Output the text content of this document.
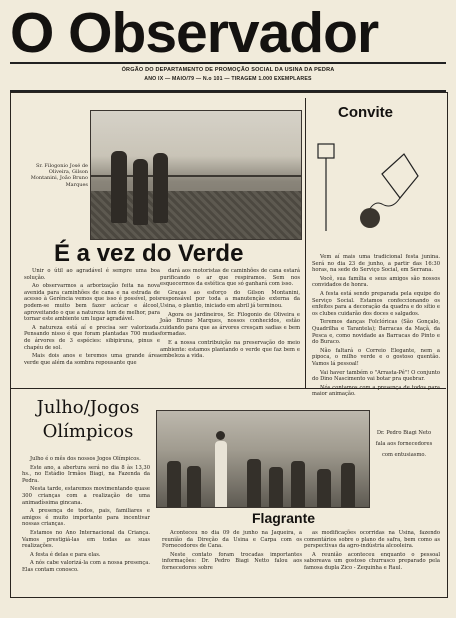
O Observador
ÓRGÃO DO DEPARTAMENTO DE PROMOÇÃO SOCIAL DA USINA DA PEDRA
ANO IX — MAIO/79 — N.o 101 — TIRAGEM 1.000 EXEMPLARES
Sr. Filogonio José de Oliveira, Gilson Montanini, João Bruno Marques
É a vez do Verde

Unir o útil ao agradável é sempre uma boa solução.

Ao observarmos a arborização feita na nova avenida para caminhões de cana e na estrada de acesso à Gerência vemos que isso é possível, pois podem-se muito bem fazer acúcar e álcool, aproveitando o que a natureza tem de melhor, para tornar este ambiente um lugar agradável.

A natureza está aí e precisa ser valorizada. Pensando nisso é que foram plantadas 700 mudas de árvores de 3 espécies: sibipiruna, pinus e chapéu de sol.

Mais dois anos e teremos uma grande área verde que além da sombra repousante que

dará aos motoristas de caminhões de cana estará purificando o ar que respiramos. Sem nos esquecermos da estética que só ganhará com isso.

Graças ao esforço do Gilson Montanini, responsável por toda a manutenção externa da Usina, o plantio, iniciado em abril já terminou.

Agora os jardineiros, Sr. Filogonio de Oliveira e João Bruno Marques, nossos conhecidos, estão cuidando para que as árvores cresçam sadias e bem formadas.

E a nossa contribuição na preservação do meio ambiente: estamos plantando o verde que faz bem e embeleza a vida.

Convite

Vem aí mais uma tradicional festa junina. Será no dia 23 de junho, a partir das 16:30 horas, na sede do Serviço Social, em Serrana.

Você, sua família e seus amigos são nossos convidados de honra.

A festa está sendo preparada pela equipe do Serviço Social. Estamos confeccionando os enfeites para a decoração da quadra e do sítio e os clubes cuidarão dos doces e salgados.

Teremos danças Folclóricas (São Gonçalo, Quadrilha e Tarantela); Barracas da Maçã, da Pesca e, como novidade as Barracas do Pinto e do Buraco.

Não faltará o Correio Elegante, nem a pipoca, o milho verde e o gostoso quentão. Vamos lá pessoal!

Vai haver também o "Arrasta-Pé"! O conjunto do Dino Nascimento vai botar pra quebrar.

Nós contamos com a presença de todos para maior animação.

Julho/Jogos Olímpicos

Julho é o mês dos nossos Jogos Olímpicos.

Este ano, a abertura será no dia 8 às 13,30 hs., no Estádio Irmãos Biagi, na Fazenda da Pedra.

Nesta tarde, estaremos movimentando quase 300 crianças com a realização de uma animadíssima gincana.

A presença de todos, pais, familiares e amigos é muito importante para incentivar nossas crianças.

Estamos no Ano Internacional da Criança. Vamos prestigiá-las em todas as suas realizações.

A festa é delas e para elas.

A nós cabe valorizá-la com a nossa presença. Elas contam conosco.

Dr. Pedro Biagi Neto fala aos fornecedores com entusiasmo.
Flagrante

Aconteceu no dia 09 de junho na Jaqueira, a reunião da Direção da Usina e Carpa com os Fornecedores de Cana.

Neste contato foram trocadas importantes informações: Dr. Pedro Biagi Netto falou aos fornecedores sobre

as modificações ocorridas na Usina, fazendo comentários sobre o plano de safra, bem como as perspectivas da agro-indústria alcooleira.

A reunião aconteceu enquanto o pessoal saboreava um gostoso churrasco preparado pela famosa dupla Zico - Zequinha e Raul.
